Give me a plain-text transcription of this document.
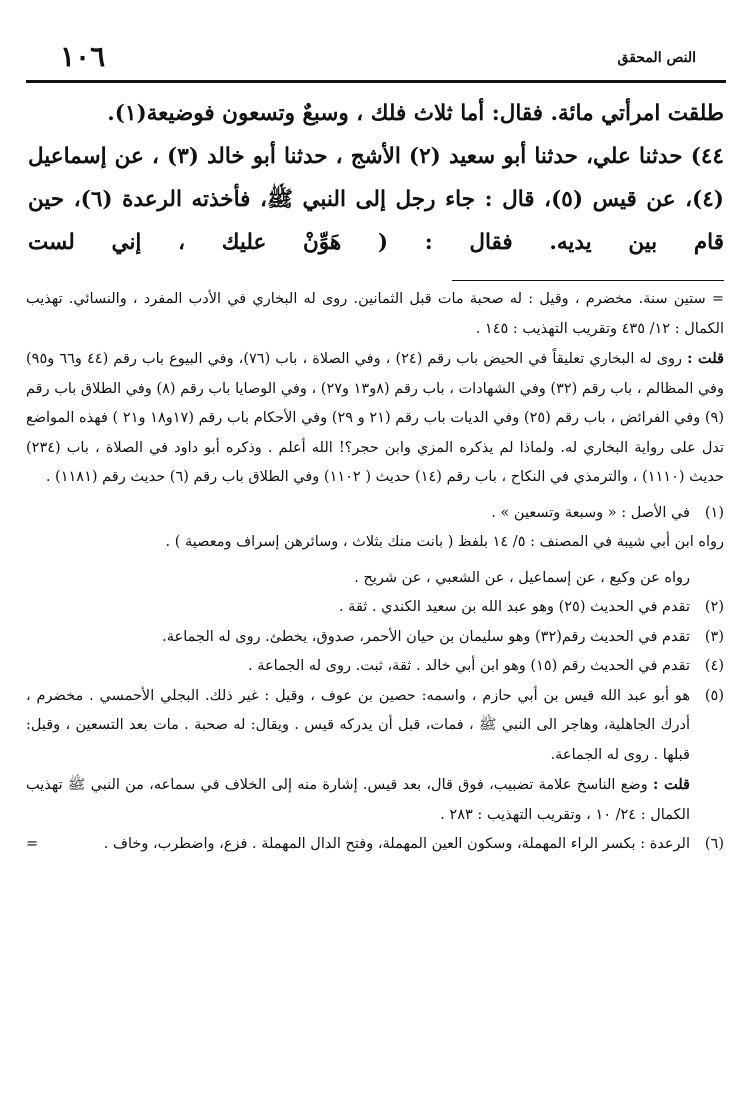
١٠٦	النص المحقق

طلقت امرأتي مائة. فقال: أما ثلاث فلك ، وسبعٌ وتسعون فوضيعة(١).

٤٤) حدثنا علي، حدثنا أبو سعيد (٢) الأشج ، حدثنا أبو خالد (٣) ، عن إسماعيل (٤)، عن قيس (٥)، قال : جاء رجل إلى النبي ﷺ، فأخذته الرعدة (٦)، حين قام بين يديه. فقال : ( هَوِّنْ عليك ، إني لست

= ستين سنة. مخضرم ، وقيل : له صحبة مات قبل الثمانين. روى له البخاري في الأدب المفرد ، والنسائي. تهذيب الكمال : ١٢/ ٤٣٥ وتقريب التهذيب : ١٤٥ .

قلت : روى له البخاري تعليقاً في الحيض باب رقم (٢٤) ، وفي الصلاة ، باب (٧٦)، وفي البيوع باب رقم (٤٤ و٦٦ و٩٥) وفي المظالم ، باب رقم (٣٢) وفي الشهادات ، باب رقم (٨و١٣ و٢٧) ، وفي الوصايا باب رقم (٨) وفي الطلاق باب رقم (٩) وفي الفرائض ، باب رقم (٢٥) وفي الديات باب رقم (٢١ و ٢٩) وفي الأحكام باب رقم (١٧و١٨ و٢١ ) فهذه المواضع تدل على رواية البخاري له. ولماذا لم يذكره المزي وابن حجر؟! الله أعلم . وذكره أبو داود في الصلاة ، باب (٢٣٤) حديث (١١١٠) ، والترمذي في النكاح ، باب رقم (١٤) حديث ( ١١٠٢) وفي الطلاق باب رقم (٦) حديث رقم (١١٨١) .

(١)
في الأصل : « وسبعة وتسعين » .

رواه ابن أبي شيبة في المصنف : ٥/ ١٤ بلفظ ( بانت منك بثلاث ، وسائرهن إسراف ومعصية ) .

رواه عن وكيع ، عن إسماعيل ، عن الشعبي ، عن شريح .

(٢)
تقدم في الحديث (٢٥) وهو عبد الله بن سعيد الكندي . ثقة .
(٣)
تقدم في الحديث رقم(٣٢) وهو سليمان بن حيان الأحمر، صدوق، يخطئ. روى له الجماعة.
(٤)
تقدم في الحديث رقم (١٥) وهو ابن أبي خالد . ثقة، ثبت. روى له الجماعة .
(٥)
هو أبو عبد الله قيس بن أبي حازم ، واسمه: حصين بن عوف ، وقيل : غير ذلك. البجلي الأحمسي . مخضرم ، أدرك الجاهلية، وهاجر الى النبي ﷺ ، فمات، قبل أن يدركه قيس . ويقال: له صحبة . مات بعد التسعين ، وقيل: قبلها . روى له الجماعة.

قلت : وضع الناسخ علامة تضبيب، فوق قال، بعد قيس. إشارة منه إلى الخلاف في سماعه، من النبي ﷺ تهذيب الكمال : ٢٤/ ١٠ ، وتقريب التهذيب : ٢٨٣ .

(٦)
الرعدة : بكسر الراء المهملة، وسكون العين المهملة، وفتح الدال المهملة . فزع، واضطرب، وخاف .
=
